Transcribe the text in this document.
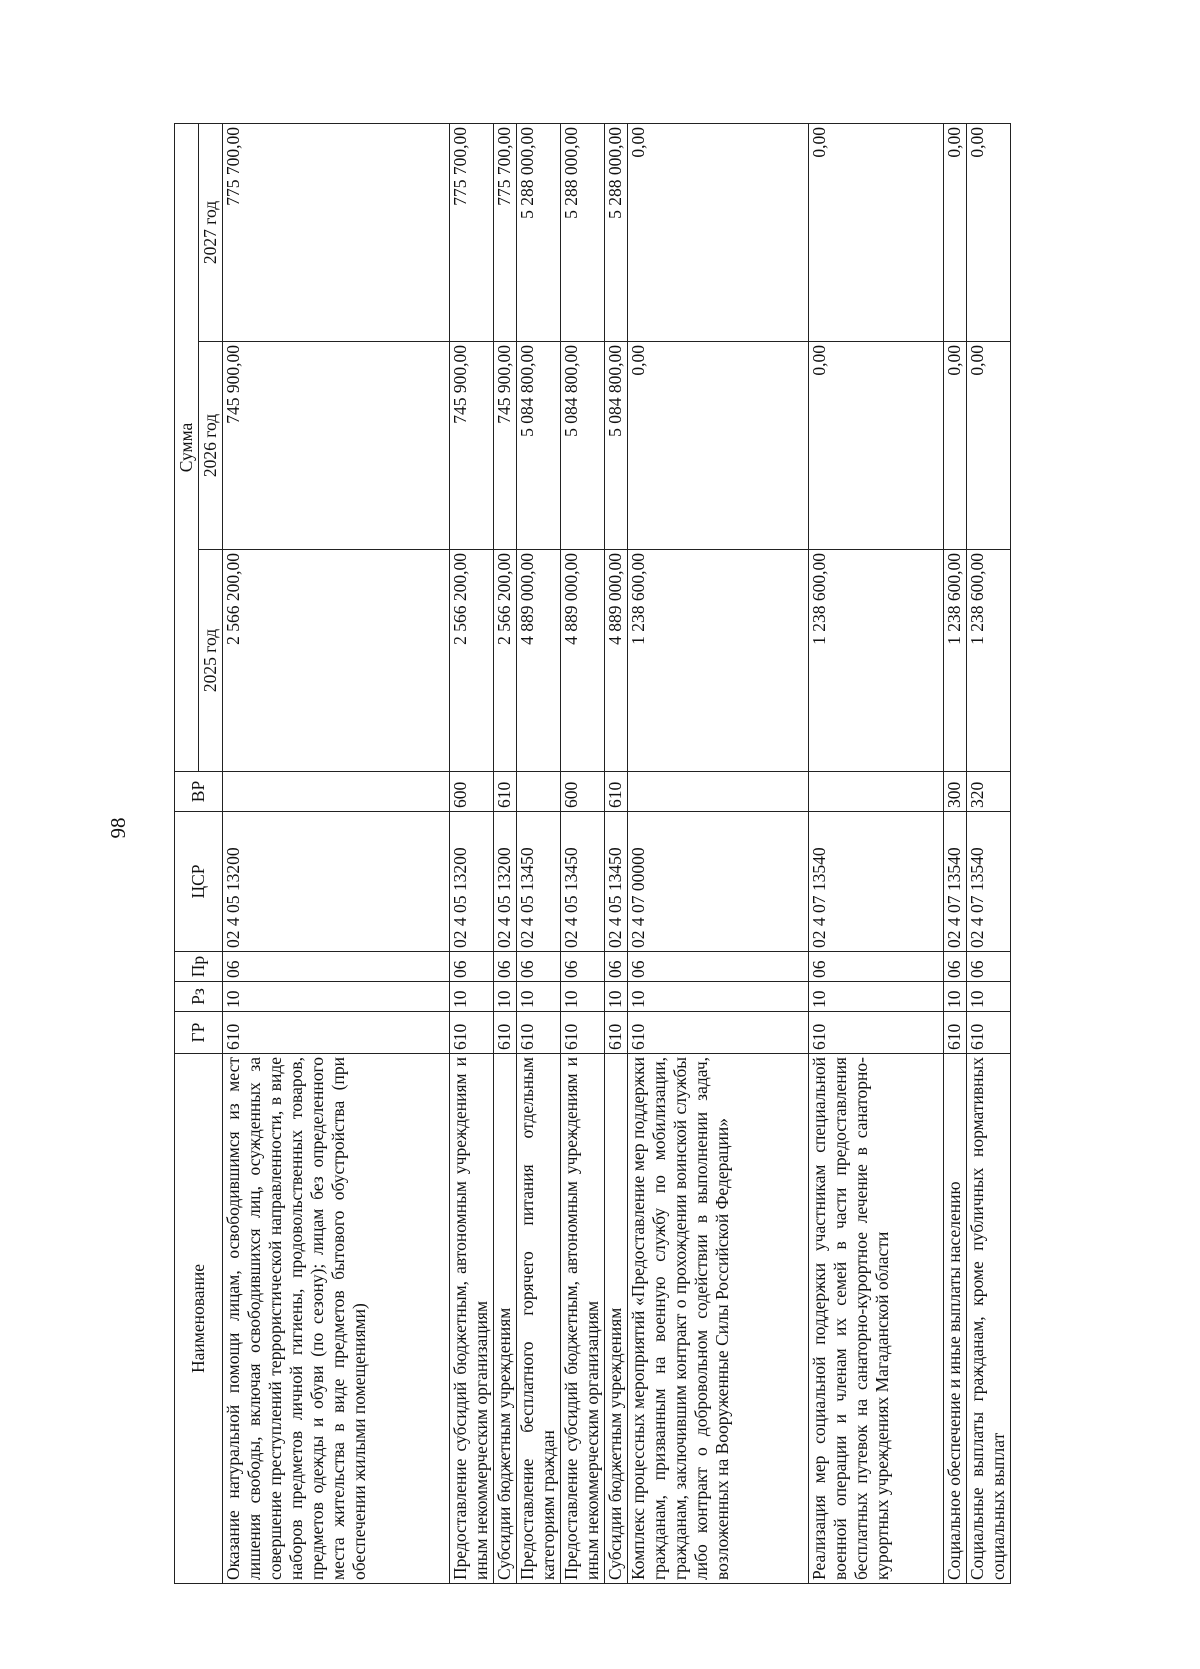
98
Наименование	ГР	Рз	Пр	ЦСР	ВР	Сумма		
						2025 год	2026 год	2027 год
Оказание натуральной помощи лицам, освободившимся из мест лишения свободы, включая освободившихся лиц, осужденных за совершение преступлений террористической направленности, в виде наборов предметов личной гигиены, продовольственных товаров, предметов одежды и обуви (по сезону); лицам без определенного места жительства в виде предметов бытового обустройства (при обеспечении жилыми помещениями)	610	10	06	02 4 05 13200		2 566 200,00	745 900,00	775 700,00
Предоставление субсидий бюджетным, автономным учреждениям и иным некоммерческим организациям	610	10	06	02 4 05 13200	600	2 566 200,00	745 900,00	775 700,00
Субсидии бюджетным учреждениям	610	10	06	02 4 05 13200	610	2 566 200,00	745 900,00	775 700,00
Предоставление бесплатного горячего питания отдельным категориям граждан	610	10	06	02 4 05 13450		4 889 000,00	5 084 800,00	5 288 000,00
Предоставление субсидий бюджетным, автономным учреждениям и иным некоммерческим организациям	610	10	06	02 4 05 13450	600	4 889 000,00	5 084 800,00	5 288 000,00
Субсидии бюджетным учреждениям	610	10	06	02 4 05 13450	610	4 889 000,00	5 084 800,00	5 288 000,00
Комплекс процессных мероприятий «Предоставление мер поддержки гражданам, призванным на военную службу по мобилизации, гражданам, заключившим контракт о прохождении воинской службы либо контракт о добровольном содействии в выполнении задач, возложенных на Вооруженные Силы Российской Федерации»	610	10	06	02 4 07 00000		1 238 600,00	0,00	0,00
Реализация мер социальной поддержки участникам специальной военной операции и членам их семей в части предоставления бесплатных путевок на санаторно-курортное лечение в санаторно-курортных учреждениях Магаданской области	610	10	06	02 4 07 13540		1 238 600,00	0,00	0,00
Социальное обеспечение и иные выплаты населению	610	10	06	02 4 07 13540	300	1 238 600,00	0,00	0,00
Социальные выплаты гражданам, кроме публичных нормативных социальных выплат	610	10	06	02 4 07 13540	320	1 238 600,00	0,00	0,00
